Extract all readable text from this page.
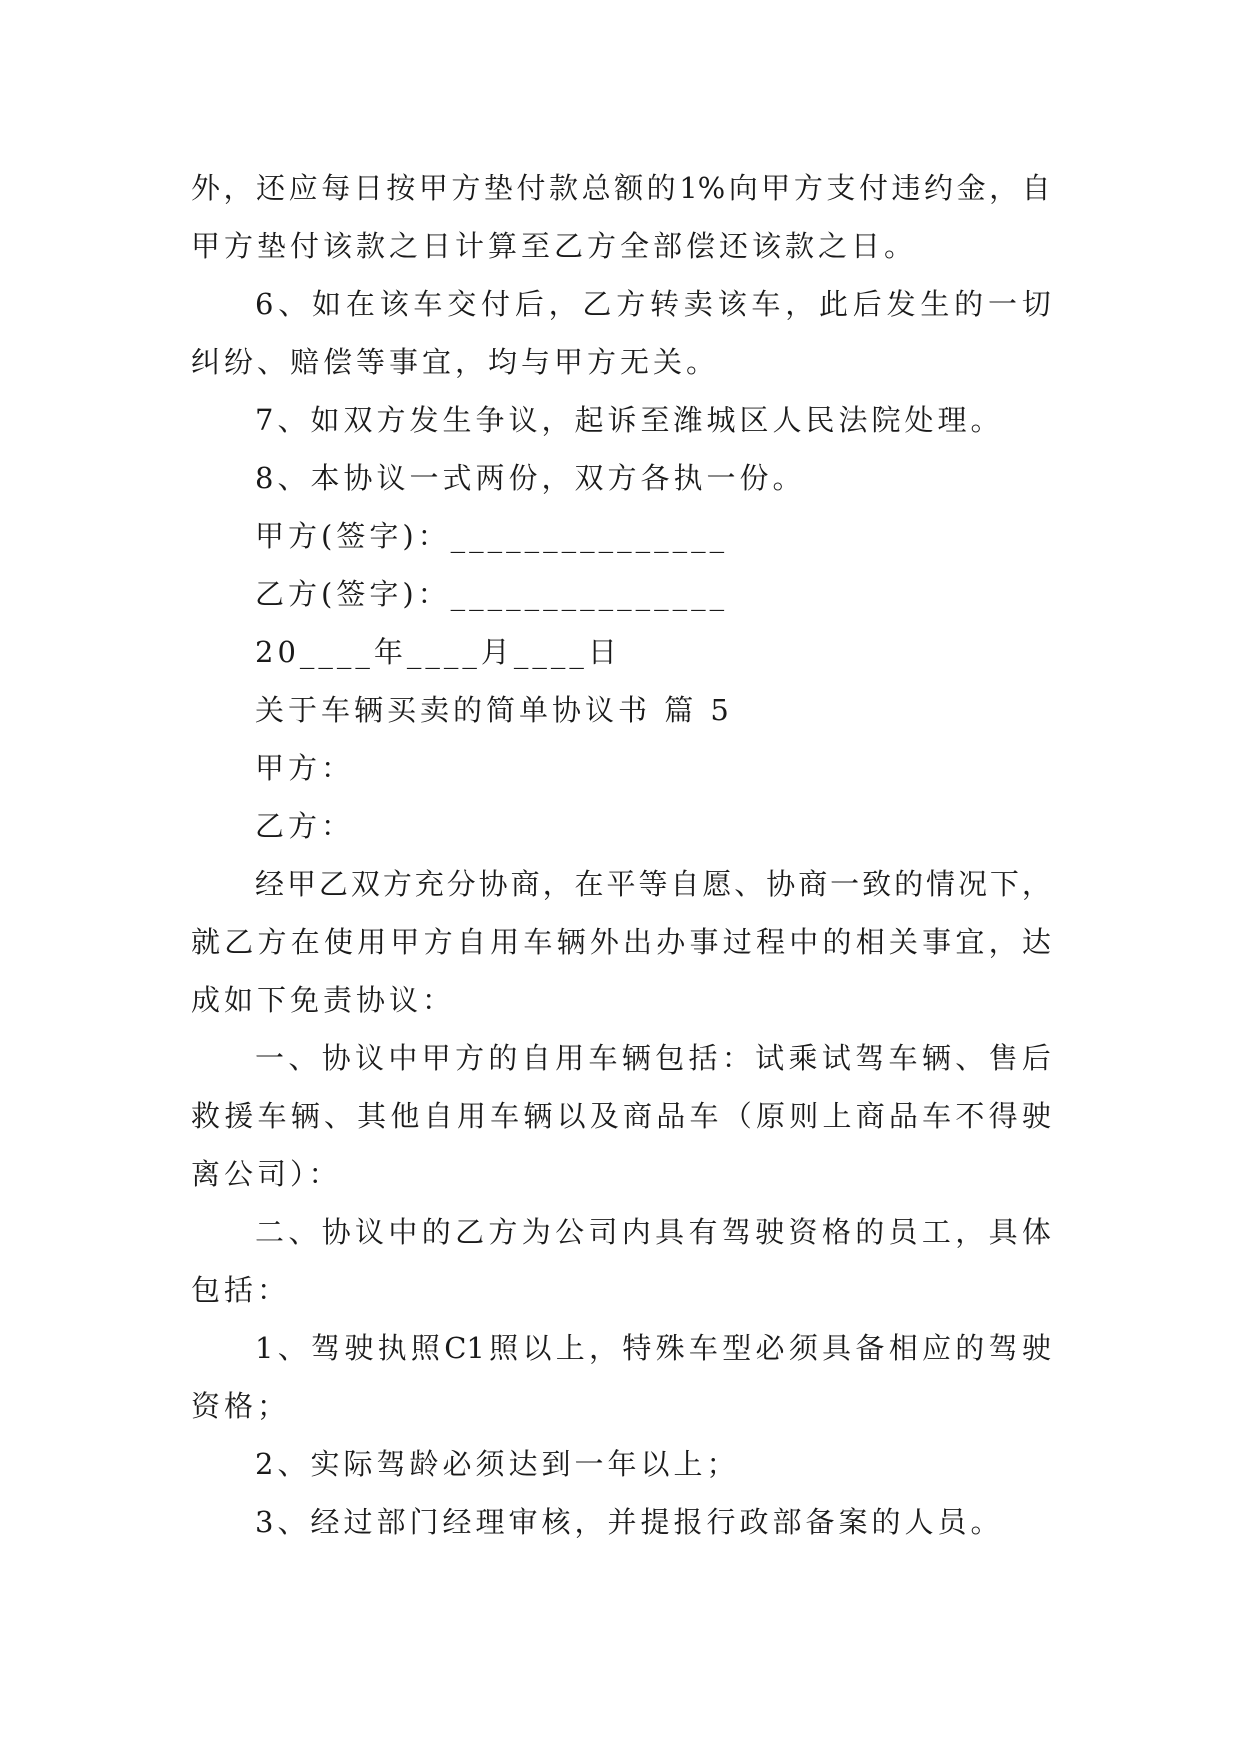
外 ， 还 应 每 日 按 甲 方 垫 付 款 总 额 的 1% 向 甲 方 支 付 违 约 金 ， 自
甲方垫付该款之日计算至乙方全部偿还该款之日。
6 、 如 在 该 车 交 付 后 ， 乙 方 转 卖 该 车 ， 此 后 发 生 的 一 切
纠纷、赔偿等事宜，均与甲方无关。
7、如双方发生争议，起诉至潍城区人民法院处理。
8、本协议一式两份，双方各执一份。
甲方(签字)：_______________
乙方(签字)：_______________
20____年____月____日
关于车辆买卖的简单协议书 篇 5
甲方：
乙方：
经 甲 乙 双 方 充 分 协 商 ， 在 平 等 自 愿 、 协 商 一 致 的 情 况 下 ，
就 乙 方 在 使 用 甲 方 自 用 车 辆 外 出 办 事 过 程 中 的 相 关 事 宜 ， 达
成如下免责协议：
一 、 协 议 中 甲 方 的 自 用 车 辆 包 括 ： 试 乘 试 驾 车 辆 、 售 后
救 援 车 辆 、 其 他 自 用 车 辆 以 及 商 品 车 （ 原 则 上 商 品 车 不 得 驶
离公司）：
二 、 协 议 中 的 乙 方 为 公 司 内 具 有 驾 驶 资 格 的 员 工 ， 具 体
包括：
1 、 驾 驶 执 照 C1 照 以 上 ， 特 殊 车 型 必 须 具 备 相 应 的 驾 驶
资格；
2、实际驾龄必须达到一年以上；
3、经过部门经理审核，并提报行政部备案的人员。
